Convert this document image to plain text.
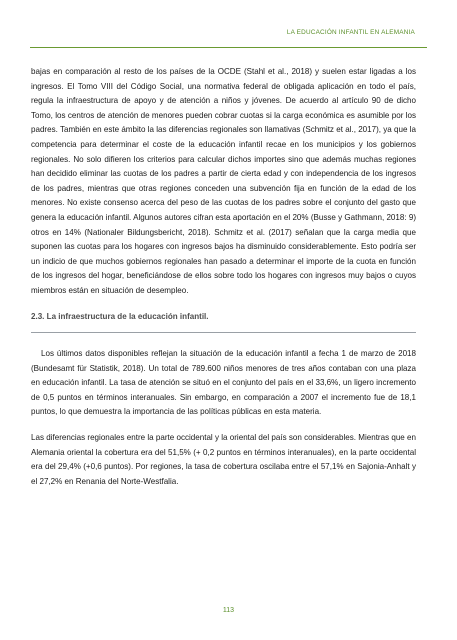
LA EDUCACIÓN INFANTIL EN ALEMANIA

bajas en comparación al resto de los países de la OCDE (Stahl et al., 2018) y suelen estar ligadas a los ingresos. El Tomo VIII del Código Social, una normativa federal de obligada aplicación en todo el país, regula la infraestructura de apoyo y de atención a niños y jóvenes. De acuerdo al artículo 90 de dicho Tomo, los centros de atención de menores pueden cobrar cuotas si la carga económica es asumible por los padres. También en este ámbito la las diferencias regionales son llamativas (Schmitz et al., 2017), ya que la competencia para determinar el coste de la educación infantil recae en los municipios y los gobiernos regionales. No solo difieren los criterios para calcular dichos importes sino que además muchas regiones han decidido eliminar las cuotas de los padres a partir de cierta edad y con independencia de los ingresos de los padres, mientras que otras regiones conceden una subvención fija en función de la edad de los menores. No existe consenso acerca del peso de las cuotas de los padres sobre el conjunto del gasto que genera la educación infantil. Algunos autores cifran esta aportación en el 20% (Busse y Gathmann, 2018: 9) otros en 14% (Nationaler Bildungsbericht, 2018). Schmitz et al. (2017) señalan que la carga media que suponen las cuotas para los hogares con ingresos bajos ha disminuido considerablemente. Esto podría ser un indicio de que muchos gobiernos regionales han pasado a determinar el importe de la cuota en función de los ingresos del hogar, beneficiándose de ellos sobre todo los hogares con ingresos muy bajos o cuyos miembros están en situación de desempleo.

2.3. La infraestructura de la educación infantil.

Los últimos datos disponibles reflejan la situación de la educación infantil a fecha 1 de marzo de 2018 (Bundesamt für Statistik, 2018). Un total de 789.600 niños menores de tres años contaban con una plaza en educación infantil. La tasa de atención se situó en el conjunto del país en el 33,6%, un ligero incremento de 0,5 puntos en términos interanuales. Sin embargo, en comparación a 2007 el incremento fue de 18,1 puntos, lo que demuestra la importancia de las políticas públicas en esta materia.

Las diferencias regionales entre la parte occidental y la oriental del país son considerables. Mientras que en Alemania oriental la cobertura era del 51,5% (+ 0,2 puntos en términos interanuales), en la parte occidental era del 29,4% (+0,6 puntos). Por regiones, la tasa de cobertura oscilaba entre el 57,1% en Sajonia-Anhalt y el 27,2% en Renania del Norte-Westfalia.

113
